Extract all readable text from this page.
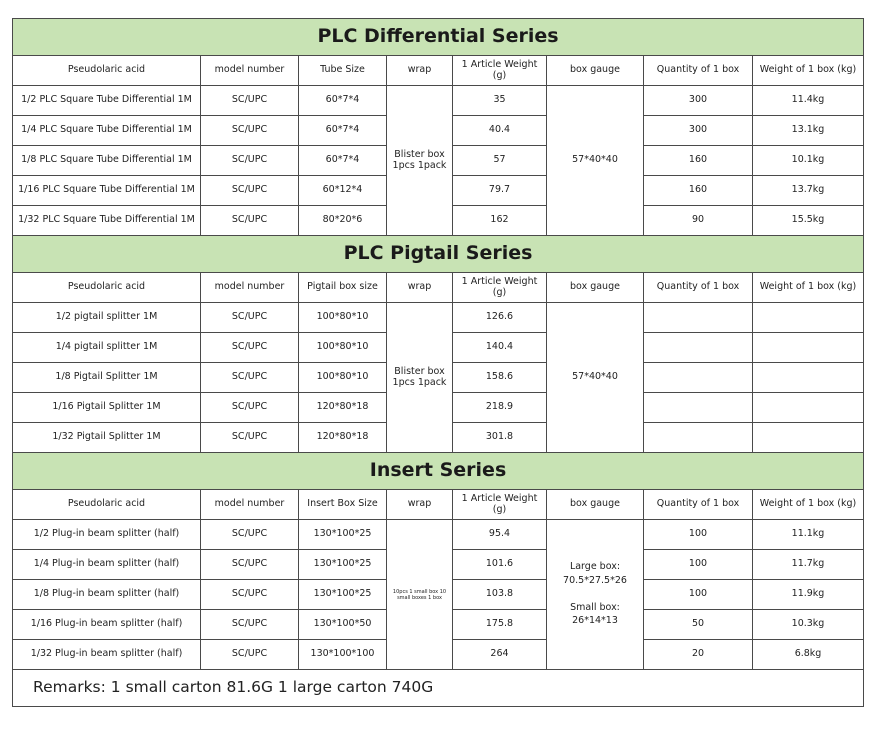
PLC Differential Series							
Pseudolaric acid	model number	Tube Size	wrap	1 Article Weight (g)	box gauge	Quantity of 1 box	Weight of 1 box (kg)
1/2 PLC Square Tube Differential 1M	SC/UPC	60*7*4	Blister box 1pcs 1pack	35	57*40*40	300	11.4kg
1/4 PLC Square Tube Differential 1M	SC/UPC	60*7*4		40.4		300	13.1kg
1/8 PLC Square Tube Differential 1M	SC/UPC	60*7*4		57		160	10.1kg
1/16 PLC Square Tube Differential 1M	SC/UPC	60*12*4		79.7		160	13.7kg
1/32 PLC Square Tube Differential 1M	SC/UPC	80*20*6		162		90	15.5kg
PLC Pigtail Series							
Pseudolaric acid	model number	Pigtail box size	wrap	1 Article Weight (g)	box gauge	Quantity of 1 box	Weight of 1 box (kg)
1/2 pigtail splitter 1M	SC/UPC	100*80*10	Blister box 1pcs 1pack	126.6	57*40*40		
1/4 pigtail splitter 1M	SC/UPC	100*80*10		140.4			
1/8 Pigtail Splitter 1M	SC/UPC	100*80*10		158.6			
1/16 Pigtail Splitter 1M	SC/UPC	120*80*18		218.9			
1/32 Pigtail Splitter 1M	SC/UPC	120*80*18		301.8			
Insert Series							
Pseudolaric acid	model number	Insert Box Size	wrap	1 Article Weight (g)	box gauge	Quantity of 1 box	Weight of 1 box (kg)
1/2 Plug-in beam splitter (half)	SC/UPC	130*100*25	10pcs 1 small box 10 small boxes 1 box	95.4	Large box:
70.5*27.5*26
Small box:
26*14*13	100	11.1kg
1/4 Plug-in beam splitter (half)	SC/UPC	130*100*25		101.6		100	11.7kg
1/8 Plug-in beam splitter (half)	SC/UPC	130*100*25		103.8		100	11.9kg
1/16 Plug-in beam splitter (half)	SC/UPC	130*100*50		175.8		50	10.3kg
1/32 Plug-in beam splitter (half)	SC/UPC	130*100*100		264		20	6.8kg
Remarks: 1 small carton 81.6G 1 large carton 740G							
